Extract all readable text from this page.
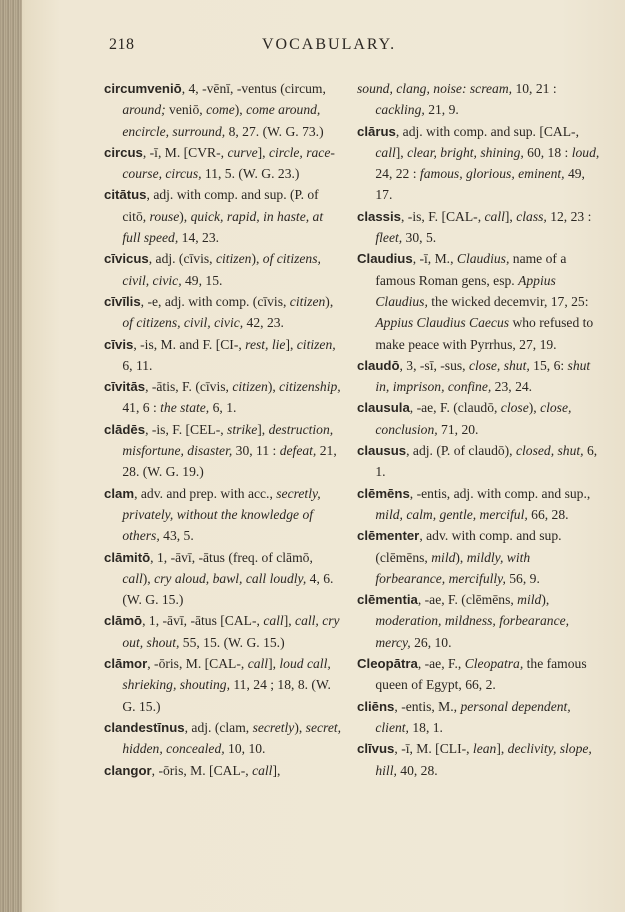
218	VOCABULARY.

circumveniō, 4, -vēnī, -ventus (circum, around; veniō, come), come around, encircle, surround, 8, 27. (W. G. 73.)

circus, -ī, M. [CVR-, curve], circle, race-course, circus, 11, 5. (W. G. 23.)

citātus, adj. with comp. and sup. (P. of citō, rouse), quick, rapid, in haste, at full speed, 14, 23.

cīvicus, adj. (cīvis, citizen), of citizens, civil, civic, 49, 15.

cīvīlis, -e, adj. with comp. (cīvis, citizen), of citizens, civil, civic, 42, 23.

cīvis, -is, M. and F. [CI-, rest, lie], citizen, 6, 11.

cīvitās, -ātis, F. (cīvis, citizen), citizenship, 41, 6 : the state, 6, 1.

clādēs, -is, F. [CEL-, strike], destruction, misfortune, disaster, 30, 11 : defeat, 21, 28. (W. G. 19.)

clam, adv. and prep. with acc., secretly, privately, without the knowledge of others, 43, 5.

clāmitō, 1, -āvī, -ātus (freq. of clāmō, call), cry aloud, bawl, call loudly, 4, 6. (W. G. 15.)

clāmō, 1, -āvī, -ātus [CAL-, call], call, cry out, shout, 55, 15. (W. G. 15.)

clāmor, -ōris, M. [CAL-, call], loud call, shrieking, shouting, 11, 24 ; 18, 8. (W. G. 15.)

clandestīnus, adj. (clam, secretly), secret, hidden, concealed, 10, 10.

clangor, -ōris, M. [CAL-, call],

sound, clang, noise: scream, 10, 21 : cackling, 21, 9.

clārus, adj. with comp. and sup. [CAL-, call], clear, bright, shining, 60, 18 : loud, 24, 22 : famous, glorious, eminent, 49, 17.

classis, -is, F. [CAL-, call], class, 12, 23 : fleet, 30, 5.

Claudius, -ī, M., Claudius, name of a famous Roman gens, esp. Appius Claudius, the wicked decemvir, 17, 25: Appius Claudius Caecus who refused to make peace with Pyrrhus, 27, 19.

claudō, 3, -sī, -sus, close, shut, 15, 6: shut in, imprison, confine, 23, 24.

clausula, -ae, F. (claudō, close), close, conclusion, 71, 20.

clausus, adj. (P. of claudō), closed, shut, 6, 1.

clēmēns, -entis, adj. with comp. and sup., mild, calm, gentle, merciful, 66, 28.

clēmenter, adv. with comp. and sup. (clēmēns, mild), mildly, with forbearance, mercifully, 56, 9.

clēmentia, -ae, F. (clēmēns, mild), moderation, mildness, forbearance, mercy, 26, 10.

Cleopātra, -ae, F., Cleopatra, the famous queen of Egypt, 66, 2.

cliēns, -entis, M., personal dependent, client, 18, 1.

clīvus, -ī, M. [CLI-, lean], declivity, slope, hill, 40, 28.
